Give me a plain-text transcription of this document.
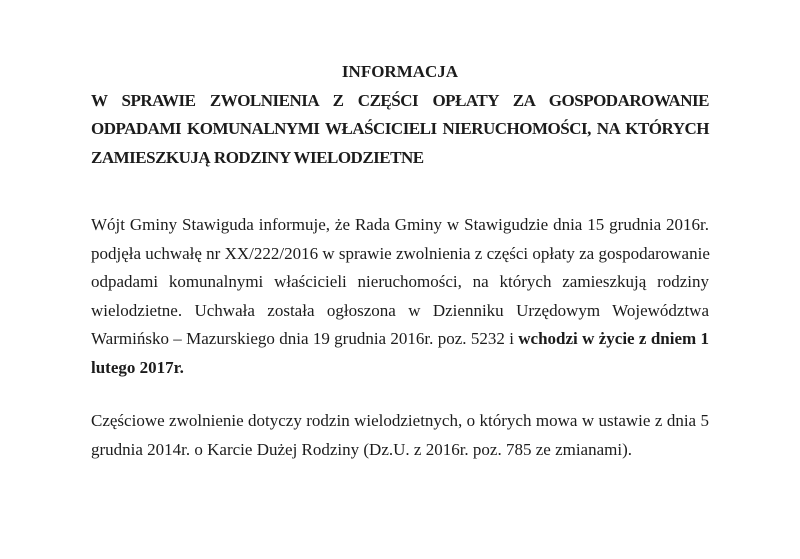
INFORMACJA
W SPRAWIE ZWOLNIENIA Z CZĘŚCI OPŁATY ZA GOSPODAROWANIE
ODPADAMI KOMUNALNYMI WŁAŚCICIELI NIERUCHOMOŚCI, NA KTÓRYCH
ZAMIESZKUJĄ RODZINY WIELODZIETNE
Wójt Gminy Stawiguda informuje, że Rada Gminy w Stawigudzie dnia 15 grudnia 2016r.
podjęła uchwałę nr XX/222/2016 w sprawie zwolnienia z części opłaty za gospodarowanie
odpadami komunalnymi właścicieli nieruchomości, na których zamieszkują rodziny
wielodzietne. Uchwała została ogłoszona w Dzienniku Urzędowym Województwa
Warmińsko – Mazurskiego dnia 19 grudnia 2016r. poz. 5232 i wchodzi w życie z dniem 1
lutego 2017r.
Częściowe zwolnienie dotyczy rodzin wielodzietnych, o których mowa w ustawie z dnia 5
grudnia 2014r. o Karcie Dużej Rodziny (Dz.U. z 2016r. poz. 785 ze zmianami).
